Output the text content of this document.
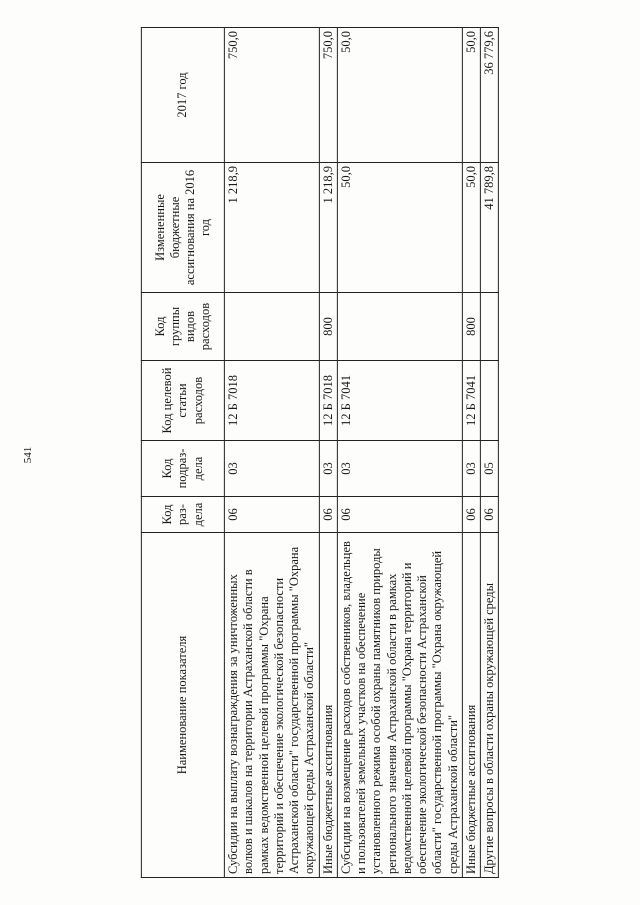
541
Наименование показателя	Код раз-дела	Код подраз-дела	Код целевой статьи расходов	Код группы видов расходов	Измененные бюджетные ассигнования на 2016 год	2017 год
Субсидии на выплату вознаграждения за уничтоженных волков и шакалов на территории Астраханской области в рамках ведомственной целевой программы "Охрана территорий и обеспечение экологической безопасности Астраханской области" государственной программы "Охрана окружающей среды Астраханской области"	06	03	12 Б 7018		1 218,9	750,0
Иные бюджетные ассигнования	06	03	12 Б 7018	800	1 218,9	750,0
Субсидии на возмещение расходов собственников, владельцев и пользователей земельных участков на обеспечение установленного режима особой охраны памятников природы регионального значения Астраханской области в рамках ведомственной целевой программы "Охрана территорий и обеспечение экологической безопасности Астраханской области" государственной программы "Охрана окружающей среды Астраханской области"	06	03	12 Б 7041		50,0	50,0
Иные бюджетные ассигнования	06	03	12 Б 7041	800	50,0	50,0
Другие вопросы в области охраны окружающей среды	06	05			41 789,8	36 779,6
